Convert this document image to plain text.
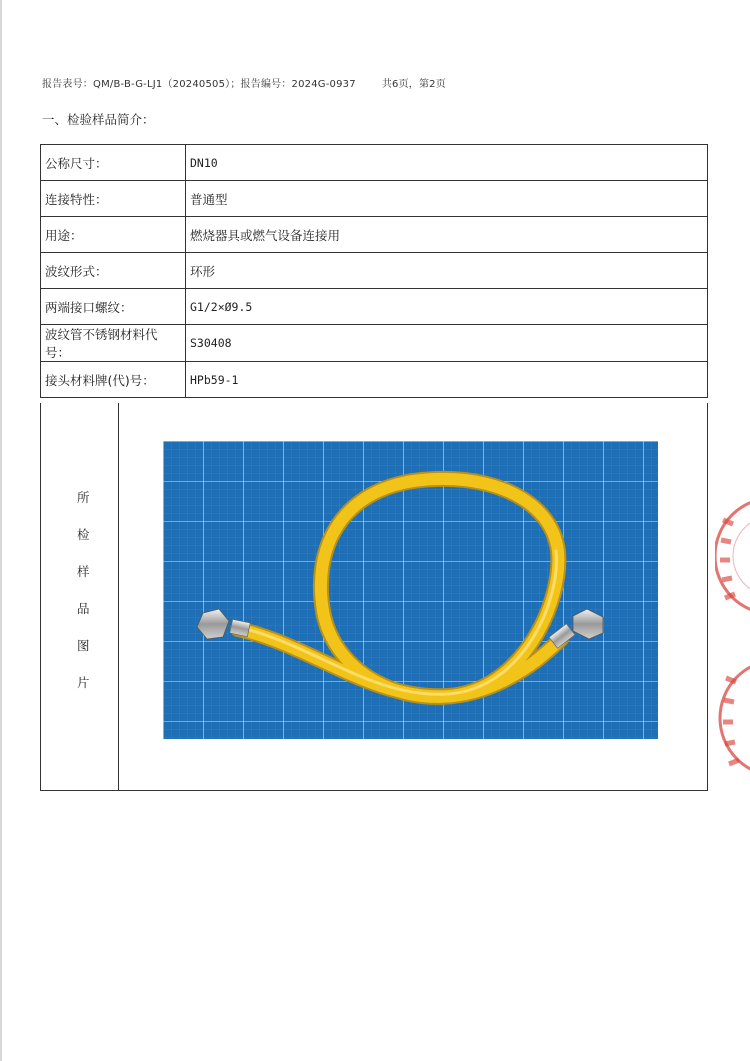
报告表号：QM/B-B-G-LJ1（20240505）；报告编号：2024G-0937	共6页，第2页
一、检验样品简介：
公称尺寸：	DN10
连接特性：	普通型
用途：	燃烧器具或燃气设备连接用
波纹形式：	环形
两端接口螺纹：	G1/2×Ø9.5
波纹管不锈钢材料代号：	S30408
接头材料牌(代)号：	HPb59-1
所
检
样
品
图
片
